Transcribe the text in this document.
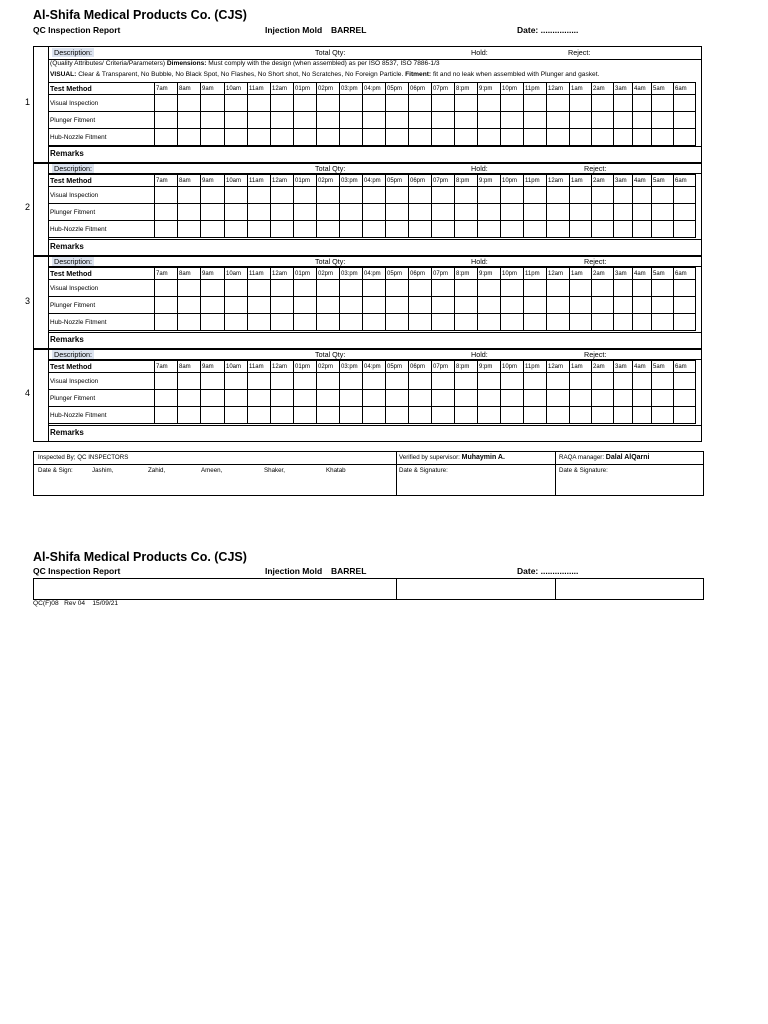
Al-Shifa Medical Products Co. (CJS)
QC Inspection Report	Injection Mold BARREL	Date: ................
Description:	Total Qty:	Hold:	Reject:
(Quality Attributes/ Criteria/Parameters) Dimensions: Must comply with the design (when assembled) as per ISO 8537, ISO 7886-1/3
VISUAL: Clear & Transparent, No Bubble, No Black Spot, No Flashes, No Short shot, No Scratches, No Foreign Particle. Fitment: fit and no leak when assembled with Plunger and gasket.
Test Method	7am	8am	9am	10am	11am	12am	01pm	02pm	03:pm	04:pm	05pm	06pm	07pm	8:pm	9:pm	10pm	11pm	12am	1am	2am	3am	4am	5am	6am
Visual Inspection																								
Plunger Fitment																								
Hub-Nozzle Fitment																								
Remarks
1
Description:	Total Qty:	Hold:	Reject:
Test Method	7am	8am	9am	10am	11am	12am	01pm	02pm	03:pm	04:pm	05pm	06pm	07pm	8:pm	9:pm	10pm	11pm	12am	1am	2am	3am	4am	5am	6am
Visual Inspection																								
Plunger Fitment																								
Hub-Nozzle Fitment																								
Remarks
2
Description:	Total Qty:	Hold:	Reject:
Test Method	7am	8am	9am	10am	11am	12am	01pm	02pm	03:pm	04:pm	05pm	06pm	07pm	8:pm	9:pm	10pm	11pm	12am	1am	2am	3am	4am	5am	6am
Visual Inspection																								
Plunger Fitment																								
Hub-Nozzle Fitment																								
Remarks
3
Description:	Total Qty:	Hold:	Reject:
Test Method	7am	8am	9am	10am	11am	12am	01pm	02pm	03:pm	04:pm	05pm	06pm	07pm	8:pm	9:pm	10pm	11pm	12am	1am	2am	3am	4am	5am	6am
Visual Inspection																								
Plunger Fitment																								
Hub-Nozzle Fitment																								
Remarks
4
Inspected By; QC INSPECTORS	Verified by supervisor: Muhaymin A.	RAQA manager: Dalal AlQarni
Date & Sign:	Jashim,	Zahid,	Ameen,	Shaker,	Khatab	Date & Signature:	Date & Signature:
Al-Shifa Medical Products Co. (CJS)
QC Inspection Report	Injection Mold BARREL	Date: ................
QC(F)08 Rev 04 15/09/21
